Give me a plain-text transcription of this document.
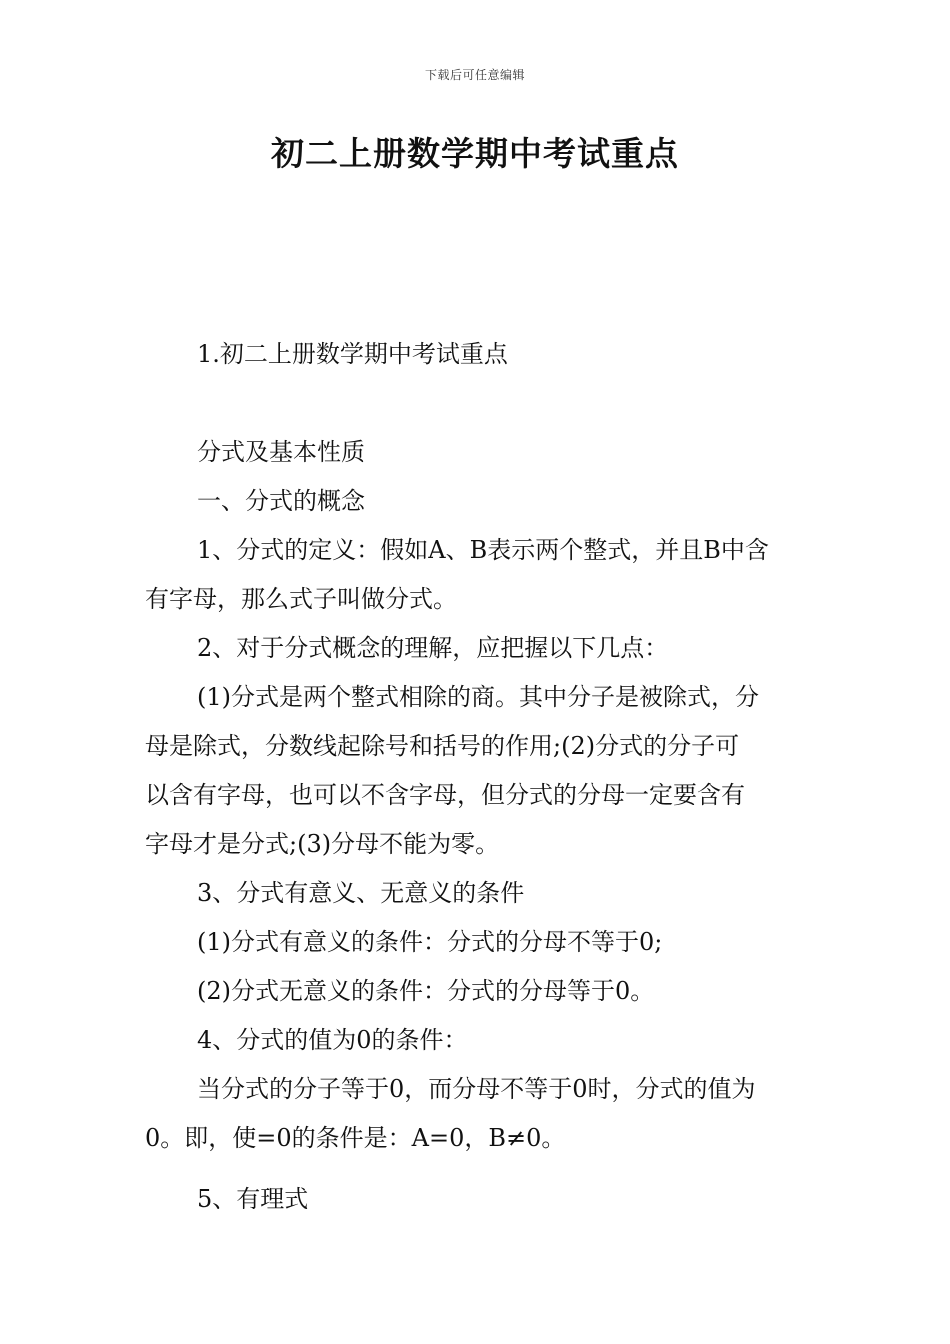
下载后可任意编辑
初二上册数学期中考试重点
1.初二上册数学期中考试重点
分式及基本性质
一、分式的概念
1、分式的定义：假如A、B表示两个整式，并且B中含
有字母，那么式子叫做分式。
2、对于分式概念的理解，应把握以下几点：
(1)分式是两个整式相除的商。其中分子是被除式，分
母是除式，分数线起除号和括号的作用;(2)分式的分子可
以含有字母，也可以不含字母，但分式的分母一定要含有
字母才是分式;(3)分母不能为零。
3、分式有意义、无意义的条件
(1)分式有意义的条件：分式的分母不等于0;
(2)分式无意义的条件：分式的分母等于0。
4、分式的值为0的条件：
当分式的分子等于0，而分母不等于0时，分式的值为
0。即，使=0的条件是：A=0，B≠0。
5、有理式
